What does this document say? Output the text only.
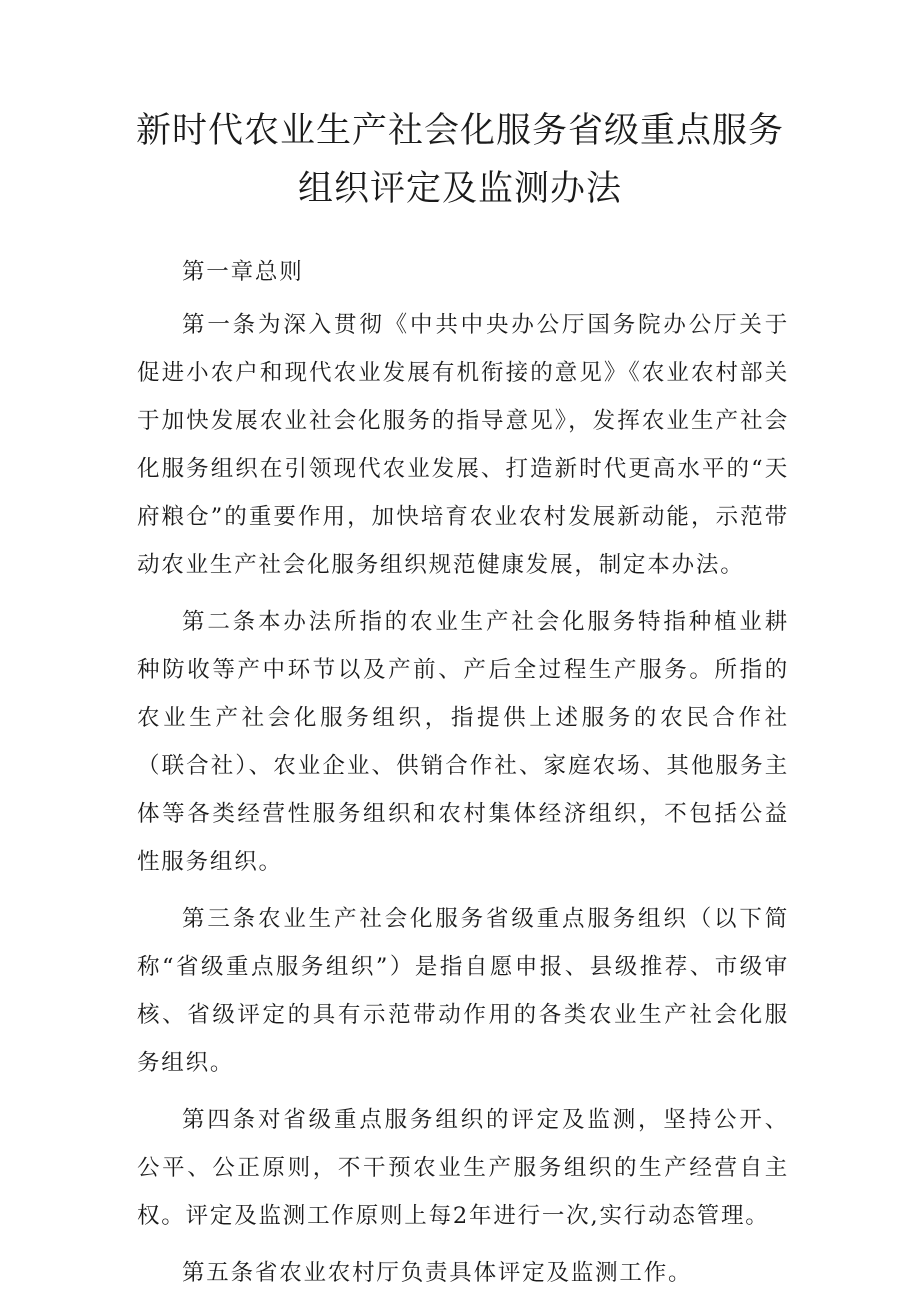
新时代农业生产社会化服务省级重点服务
组织评定及监测办法

第一章总则

第一条为深入贯彻《中共中央办公厅国务院办公厅关于促进小农户和现代农业发展有机衔接的意见》《农业农村部关于加快发展农业社会化服务的指导意见》，发挥农业生产社会化服务组织在引领现代农业发展、打造新时代更高水平的“天府粮仓”的重要作用，加快培育农业农村发展新动能，示范带动农业生产社会化服务组织规范健康发展，制定本办法。

第二条本办法所指的农业生产社会化服务特指种植业耕种防收等产中环节以及产前、产后全过程生产服务。所指的农业生产社会化服务组织，指提供上述服务的农民合作社（联合社）、农业企业、供销合作社、家庭农场、其他服务主体等各类经营性服务组织和农村集体经济组织，不包括公益性服务组织。

第三条农业生产社会化服务省级重点服务组织（以下简称“省级重点服务组织”）是指自愿申报、县级推荐、市级审核、省级评定的具有示范带动作用的各类农业生产社会化服务组织。

第四条对省级重点服务组织的评定及监测，坚持公开、公平、公正原则，不干预农业生产服务组织的生产经营自主权。评定及监测工作原则上每2年进行一次,实行动态管理。

第五条省农业农村厅负责具体评定及监测工作。
